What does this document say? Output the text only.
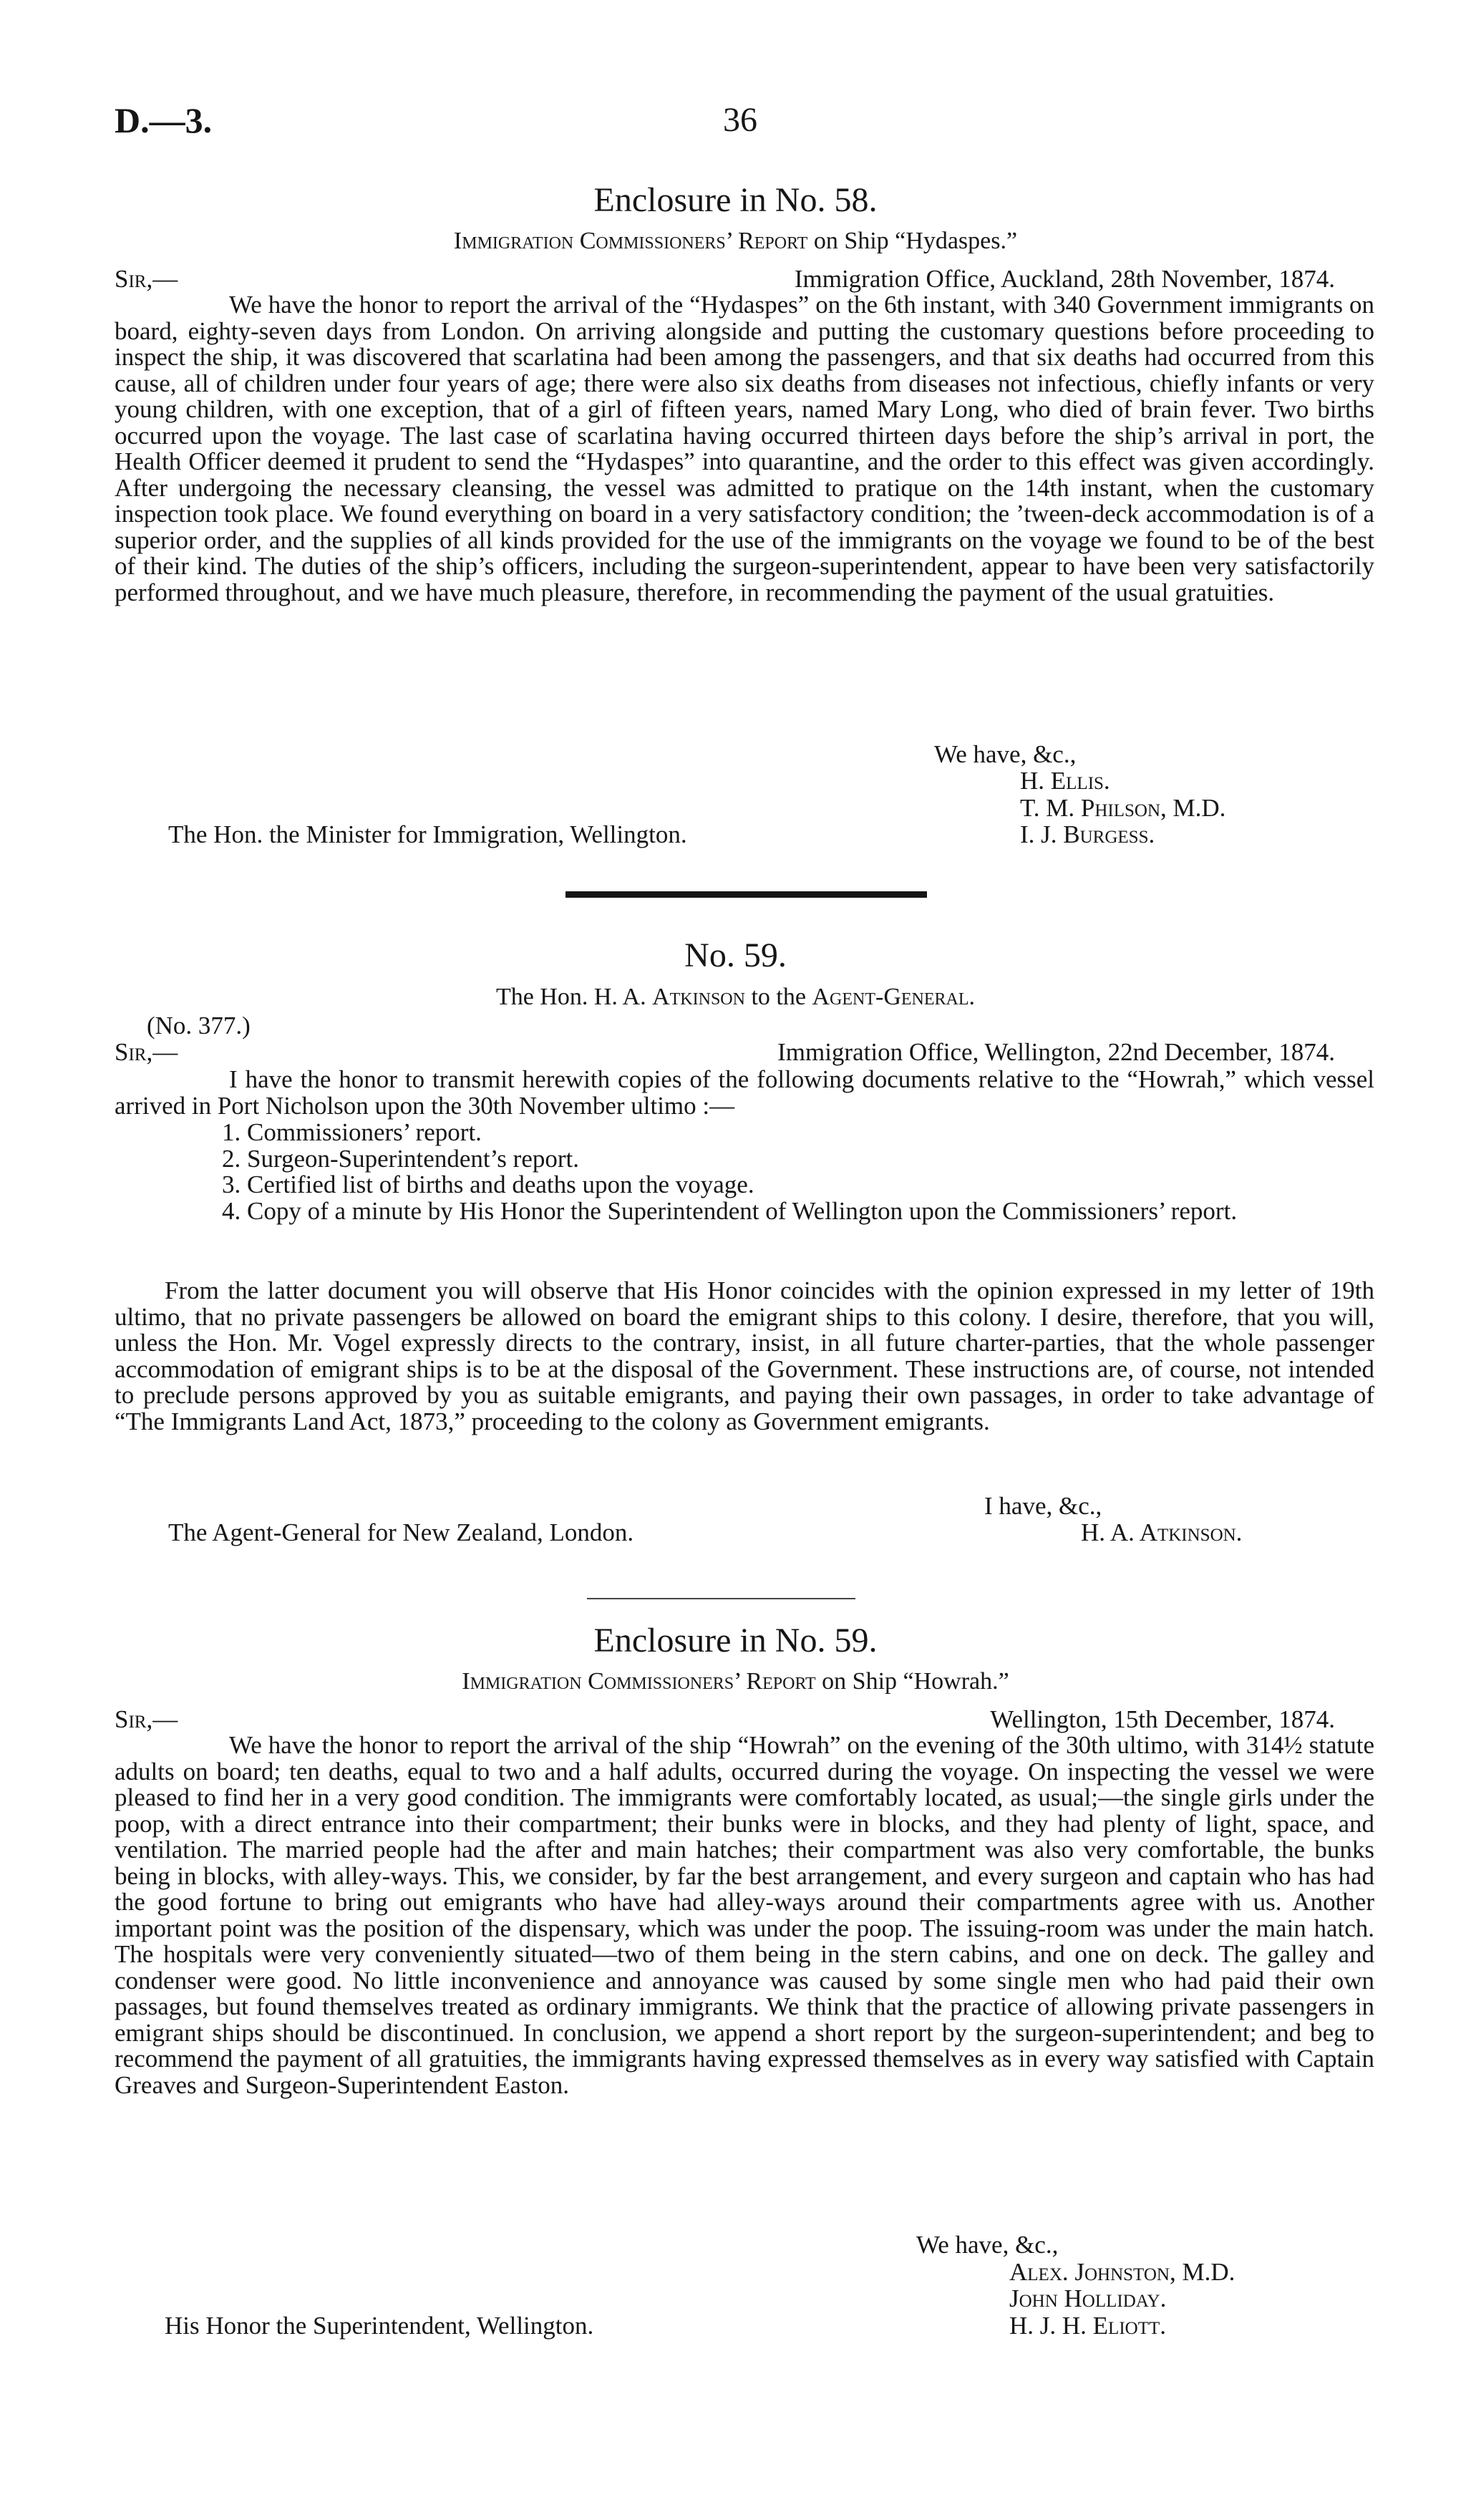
D.—3.	36
Enclosure in No. 58.
Immigration Commissioners’ Report on Ship “Hydaspes.”
Sir,—	Immigration Office, Auckland, 28th November, 1874.

We have the honor to report the arrival of the “Hydaspes” on the 6th instant, with 340 Government immigrants on board, eighty-seven days from London. On arriving alongside and putting the customary questions before proceeding to inspect the ship, it was discovered that scarlatina had been among the passengers, and that six deaths had occurred from this cause, all of children under four years of age; there were also six deaths from diseases not infectious, chiefly infants or very young children, with one exception, that of a girl of fifteen years, named Mary Long, who died of brain fever. Two births occurred upon the voyage. The last case of scarlatina having occurred thirteen days before the ship’s arrival in port, the Health Officer deemed it prudent to send the “Hydaspes” into quarantine, and the order to this effect was given accordingly. After undergoing the necessary cleansing, the vessel was admitted to pratique on the 14th instant, when the customary inspection took place. We found everything on board in a very satisfactory condition; the ’tween-deck accommodation is of a superior order, and the supplies of all kinds provided for the use of the immigrants on the voyage we found to be of the best of their kind. The duties of the ship’s officers, including the surgeon-superintendent, appear to have been very satisfactorily performed throughout, and we have much pleasure, therefore, in recommending the payment of the usual gratuities.

We have, &c.,
H. Ellis.
T. M. Philson, M.D.
I. J. Burgess.
The Hon. the Minister for Immigration, Wellington.
No. 59.
The Hon. H. A. Atkinson to the Agent-General.
(No. 377.)
Sir,—	Immigration Office, Wellington, 22nd December, 1874.

I have the honor to transmit herewith copies of the following documents relative to the “Howrah,” which vessel arrived in Port Nicholson upon the 30th November ultimo :—

1. Commissioners’ report.

2. Surgeon-Superintendent’s report.

3. Certified list of births and deaths upon the voyage.

4. Copy of a minute by His Honor the Superintendent of Wellington upon the Commissioners’ report.

From the latter document you will observe that His Honor coincides with the opinion expressed in my letter of 19th ultimo, that no private passengers be allowed on board the emigrant ships to this colony. I desire, therefore, that you will, unless the Hon. Mr. Vogel expressly directs to the contrary, insist, in all future charter-parties, that the whole passenger accommodation of emigrant ships is to be at the disposal of the Government. These instructions are, of course, not intended to preclude persons approved by you as suitable emigrants, and paying their own passages, in order to take advantage of “The Immigrants Land Act, 1873,” proceeding to the colony as Government emigrants.

I have, &c.,
H. A. Atkinson.
The Agent-General for New Zealand, London.
Enclosure in No. 59.
Immigration Commissioners’ Report on Ship “Howrah.”
Sir,—	Wellington, 15th December, 1874.

We have the honor to report the arrival of the ship “Howrah” on the evening of the 30th ultimo, with 314½ statute adults on board; ten deaths, equal to two and a half adults, occurred during the voyage. On inspecting the vessel we were pleased to find her in a very good condition. The immigrants were comfortably located, as usual;—the single girls under the poop, with a direct entrance into their compartment; their bunks were in blocks, and they had plenty of light, space, and ventilation. The married people had the after and main hatches; their compartment was also very comfortable, the bunks being in blocks, with alley-ways. This, we consider, by far the best arrangement, and every surgeon and captain who has had the good fortune to bring out emigrants who have had alley-ways around their compartments agree with us. Another important point was the position of the dispensary, which was under the poop. The issuing-room was under the main hatch. The hospitals were very conveniently situated—two of them being in the stern cabins, and one on deck. The galley and condenser were good. No little inconvenience and annoyance was caused by some single men who had paid their own passages, but found themselves treated as ordinary immigrants. We think that the practice of allowing private passengers in emigrant ships should be discontinued. In conclusion, we append a short report by the surgeon-superintendent; and beg to recommend the payment of all gratuities, the immigrants having expressed themselves as in every way satisfied with Captain Greaves and Surgeon-Superintendent Easton.

We have, &c.,
Alex. Johnston, M.D.
John Holliday.
H. J. H. Eliott.
His Honor the Superintendent, Wellington.
